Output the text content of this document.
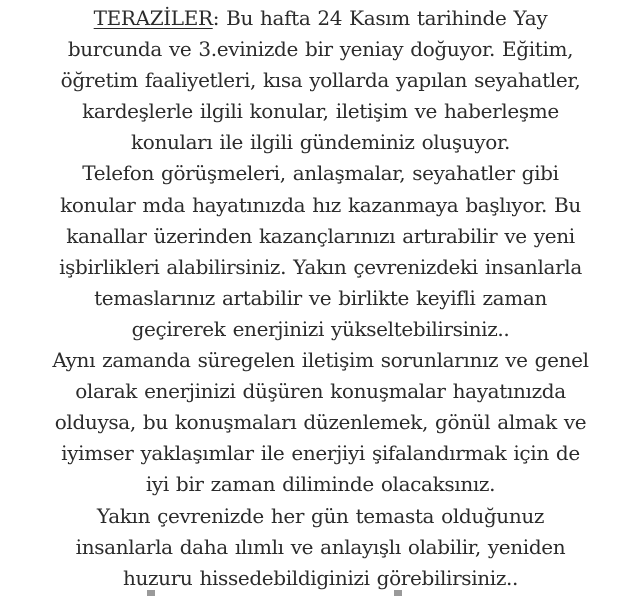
TERAZİLER: Bu hafta 24 Kasım tarihinde Yay
burcunda ve 3.evinizde bir yeniay doğuyor. Eğitim,
öğretim faaliyetleri, kısa yollarda yapılan seyahatler,
kardeşlerle ilgili konular, iletişim ve haberleşme
konuları ile ilgili gündeminiz oluşuyor.
Telefon görüşmeleri, anlaşmalar, seyahatler gibi
konular mda hayatınızda hız kazanmaya başlıyor. Bu
kanallar üzerinden kazançlarınızı artırabilir ve yeni
işbirlikleri alabilirsiniz. Yakın çevrenizdeki insanlarla
temaslarınız artabilir ve birlikte keyifli zaman
geçirerek enerjinizi yükseltebilirsiniz..
Aynı zamanda süregelen iletişim sorunlarınız ve genel
olarak enerjinizi düşüren konuşmalar hayatınızda
olduysa, bu konuşmaları düzenlemek, gönül almak ve
iyimser yaklaşımlar ile enerjiyi şifalandırmak için de
iyi bir zaman diliminde olacaksınız.
Yakın çevrenizde her gün temasta olduğunuz
insanlarla daha ılımlı ve anlayışlı olabilir, yeniden
huzuru hissedebildiginizi görebilirsiniz..
